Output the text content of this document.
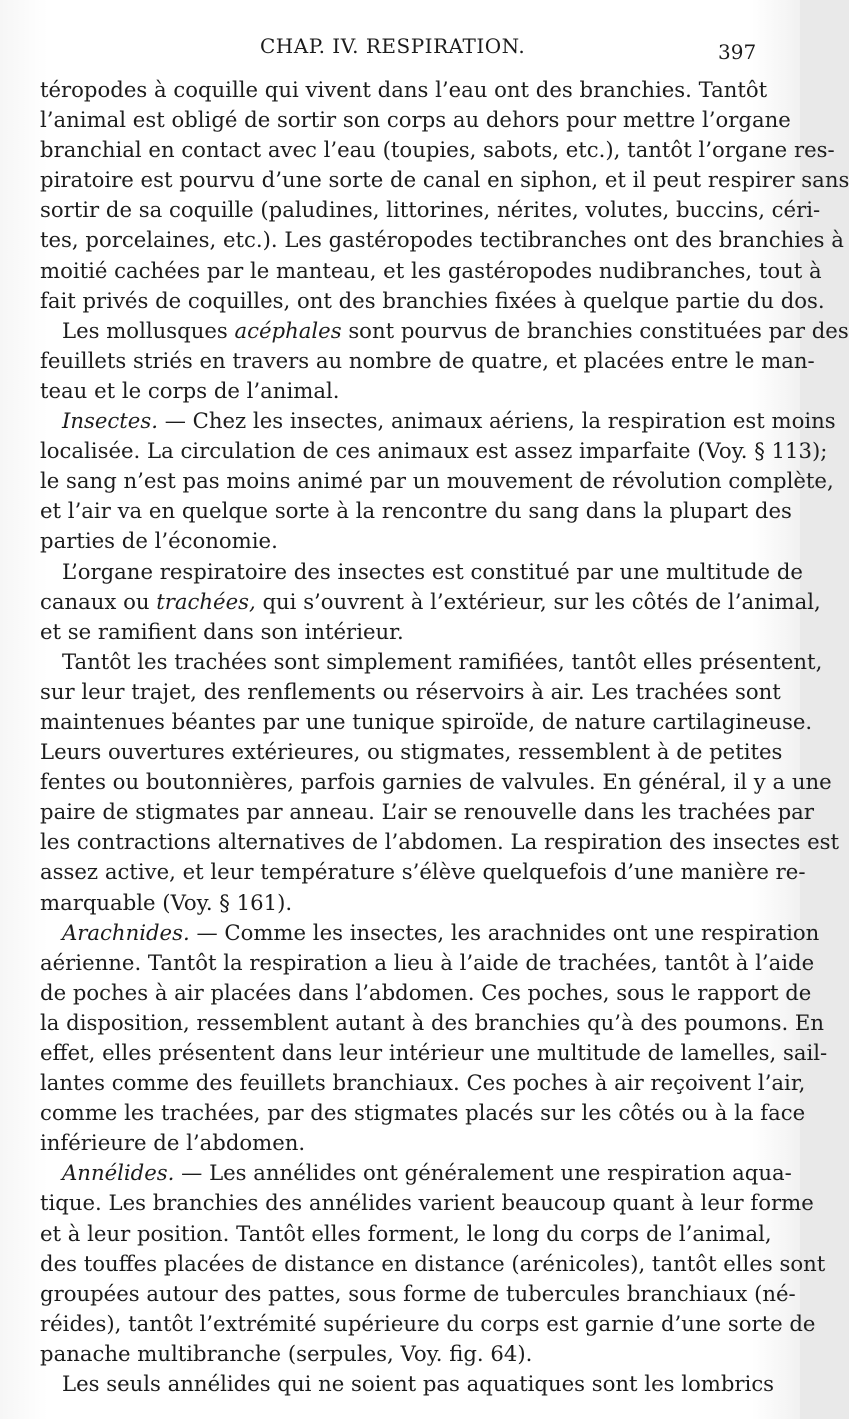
CHAP. IV. RESPIRATION.	397
téropodes à coquille qui vivent dans l’eau ont des branchies. Tantôt
l’animal est obligé de sortir son corps au dehors pour mettre l’organe
branchial en contact avec l’eau (toupies, sabots, etc.), tantôt l’organe res-
piratoire est pourvu d’une sorte de canal en siphon, et il peut respirer sans
sortir de sa coquille (paludines, littorines, nérites, volutes, buccins, céri-
tes, porcelaines, etc.). Les gastéropodes tectibranches ont des branchies à
moitié cachées par le manteau, et les gastéropodes nudibranches, tout à
fait privés de coquilles, ont des branchies fixées à quelque partie du dos.
Les mollusques acéphales sont pourvus de branchies constituées par des
feuillets striés en travers au nombre de quatre, et placées entre le man-
teau et le corps de l’animal.
Insectes. — Chez les insectes, animaux aériens, la respiration est moins
localisée. La circulation de ces animaux est assez imparfaite (Voy. § 113);
le sang n’est pas moins animé par un mouvement de révolution complète,
et l’air va en quelque sorte à la rencontre du sang dans la plupart des
parties de l’économie.
L’organe respiratoire des insectes est constitué par une multitude de
canaux ou trachées, qui s’ouvrent à l’extérieur, sur les côtés de l’animal,
et se ramifient dans son intérieur.
Tantôt les trachées sont simplement ramifiées, tantôt elles présentent,
sur leur trajet, des renflements ou réservoirs à air. Les trachées sont
maintenues béantes par une tunique spiroïde, de nature cartilagineuse.
Leurs ouvertures extérieures, ou stigmates, ressemblent à de petites
fentes ou boutonnières, parfois garnies de valvules. En général, il y a une
paire de stigmates par anneau. L’air se renouvelle dans les trachées par
les contractions alternatives de l’abdomen. La respiration des insectes est
assez active, et leur température s’élève quelquefois d’une manière re-
marquable (Voy. § 161).
Arachnides. — Comme les insectes, les arachnides ont une respiration
aérienne. Tantôt la respiration a lieu à l’aide de trachées, tantôt à l’aide
de poches à air placées dans l’abdomen. Ces poches, sous le rapport de
la disposition, ressemblent autant à des branchies qu’à des poumons. En
effet, elles présentent dans leur intérieur une multitude de lamelles, sail-
lantes comme des feuillets branchiaux. Ces poches à air reçoivent l’air,
comme les trachées, par des stigmates placés sur les côtés ou à la face
inférieure de l’abdomen.
Annélides. — Les annélides ont généralement une respiration aqua-
tique. Les branchies des annélides varient beaucoup quant à leur forme
et à leur position. Tantôt elles forment, le long du corps de l’animal,
des touffes placées de distance en distance (arénicoles), tantôt elles sont
groupées autour des pattes, sous forme de tubercules branchiaux (né-
réides), tantôt l’extrémité supérieure du corps est garnie d’une sorte de
panache multibranche (serpules, Voy. fig. 64).
Les seuls annélides qui ne soient pas aquatiques sont les lombrics
